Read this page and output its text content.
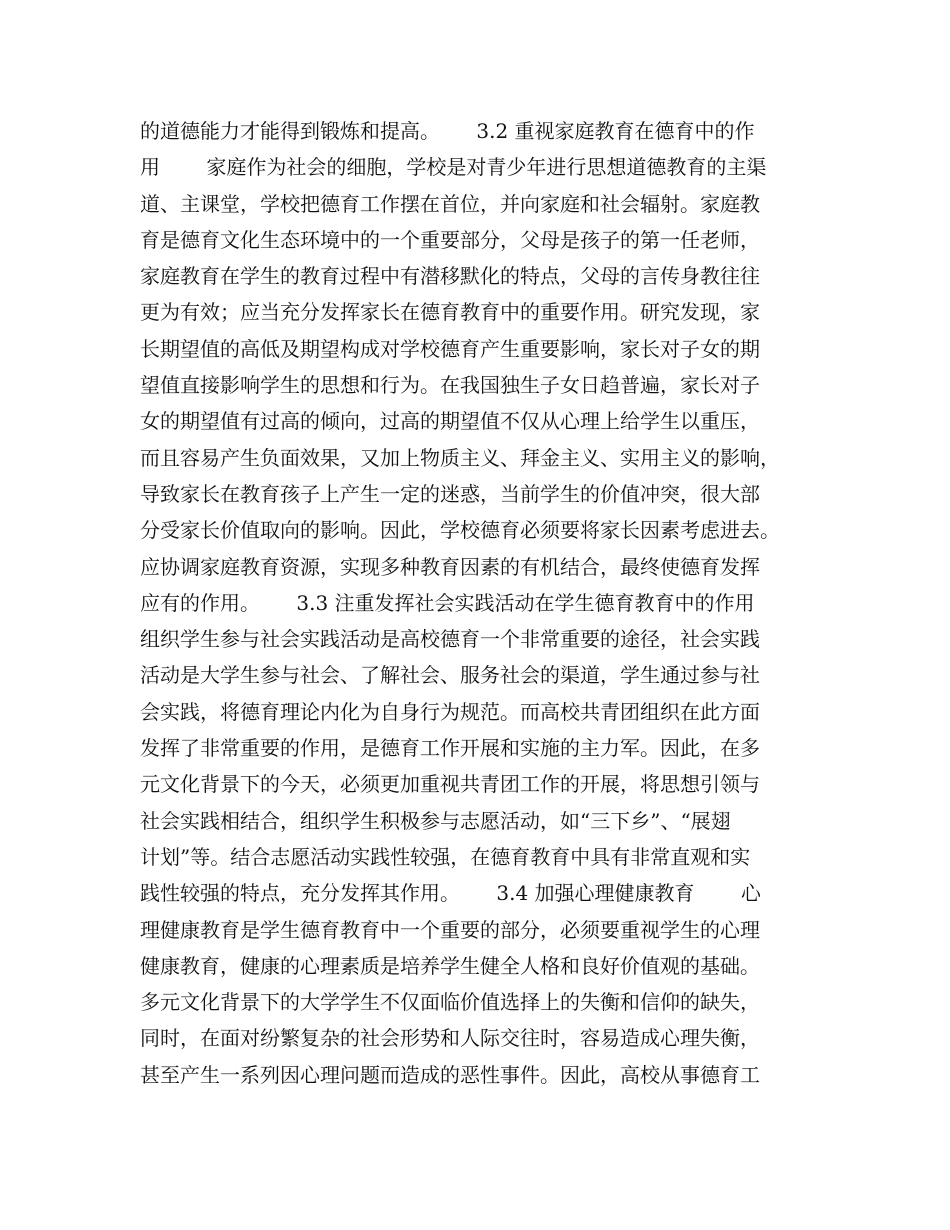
的道德能力才能得到锻炼和提高。　　 3.2 重视家庭教育在德育中的作
用　　 家庭作为社会的细胞，学校是对青少年进行思想道德教育的主渠
道、主课堂，学校把德育工作摆在首位，并向家庭和社会辐射。家庭教
育是德育文化生态环境中的一个重要部分，父母是孩子的第一任老师，
家庭教育在学生的教育过程中有潜移默化的特点，父母的言传身教往往
更为有效；应当充分发挥家长在德育教育中的重要作用。研究发现，家
长期望值的高低及期望构成对学校德育产生重要影响，家长对子女的期
望值直接影响学生的思想和行为。在我国独生子女日趋普遍，家长对子
女的期望值有过高的倾向，过高的期望值不仅从心理上给学生以重压，
而且容易产生负面效果，又加上物质主义、拜金主义、实用主义的影响，
导致家长在教育孩子上产生一定的迷惑，当前学生的价值冲突，很大部
分受家长价值取向的影响。因此，学校德育必须要将家长因素考虑进去。
应协调家庭教育资源，实现多种教育因素的有机结合，最终使德育发挥
应有的作用。　　 3.3 注重发挥社会实践活动在学生德育教育中的作用
组织学生参与社会实践活动是高校德育一个非常重要的途径，社会实践
活动是大学生参与社会、了解社会、服务社会的渠道，学生通过参与社
会实践，将德育理论内化为自身行为规范。而高校共青团组织在此方面
发挥了非常重要的作用，是德育工作开展和实施的主力军。因此，在多
元文化背景下的今天，必须更加重视共青团工作的开展，将思想引领与
社会实践相结合，组织学生积极参与志愿活动，如“三下乡”、“展翅
计划”等。结合志愿活动实践性较强，在德育教育中具有非常直观和实
践性较强的特点，充分发挥其作用。　　 3.4 加强心理健康教育　　 心
理健康教育是学生德育教育中一个重要的部分，必须要重视学生的心理
健康教育，健康的心理素质是培养学生健全人格和良好价值观的基础。
多元文化背景下的大学学生不仅面临价值选择上的失衡和信仰的缺失，
同时，在面对纷繁复杂的社会形势和人际交往时，容易造成心理失衡，
甚至产生一系列因心理问题而造成的恶性事件。因此，高校从事德育工
